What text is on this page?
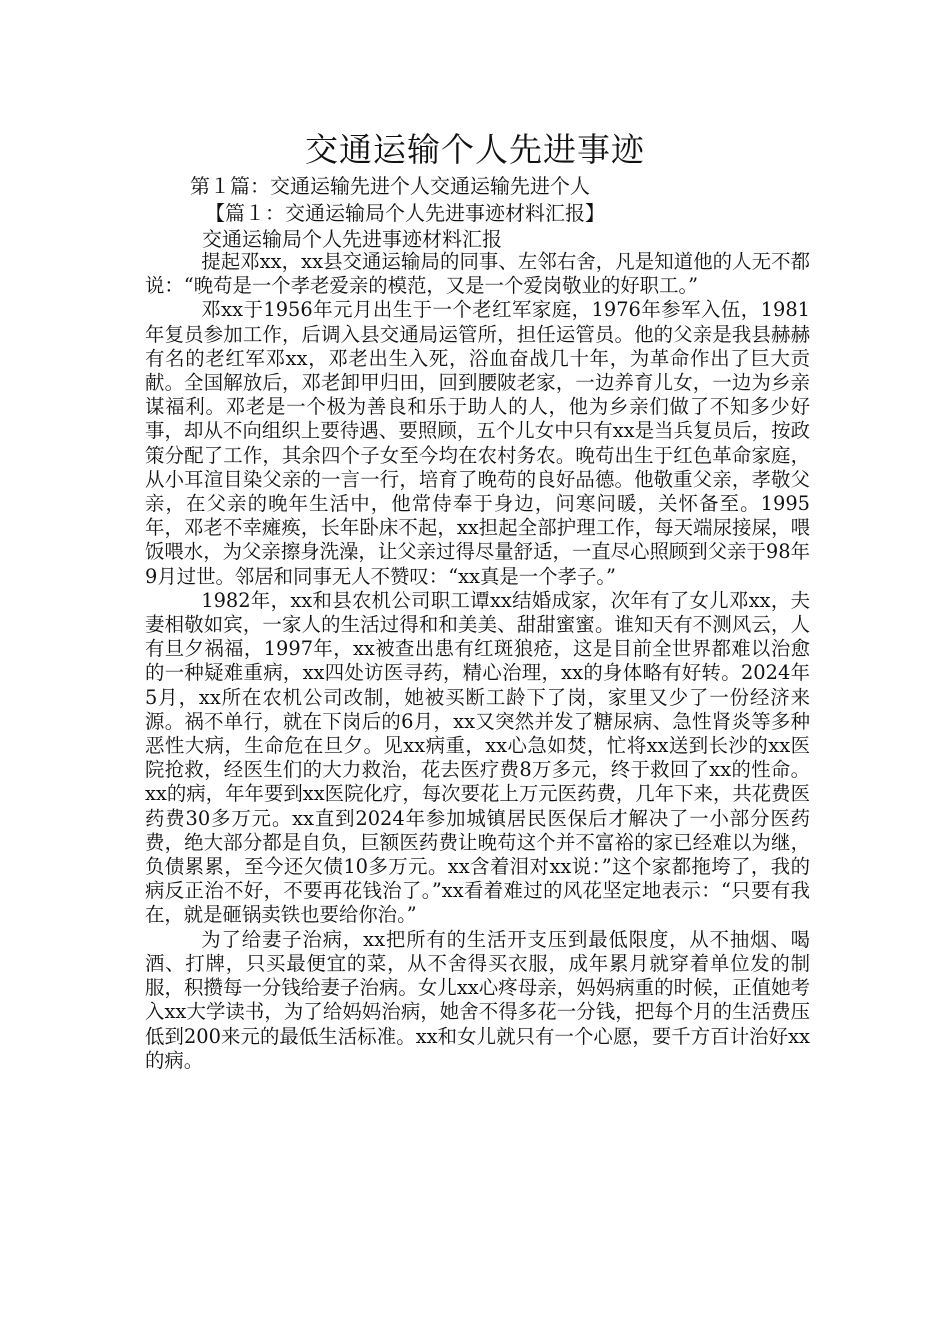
交通运输个人先进事迹
第１篇：交通运输先进个人交通运输先进个人
【篇１：交通运输局个人先进事迹材料汇报】
交通运输局个人先进事迹材料汇报

提起邓xx，xx县交通运输局的同事、左邻右舍，凡是知道他的人无不都说：“晚苟是一个孝老爱亲的模范，又是一个爱岗敬业的好职工。”

邓xx于1956年元月出生于一个老红军家庭，1976年参军入伍，1981年复员参加工作，后调入县交通局运管所，担任运管员。他的父亲是我县赫赫有名的老红军邓xx，邓老出生入死，浴血奋战几十年，为革命作出了巨大贡献。全国解放后，邓老卸甲归田，回到腰陂老家，一边养育儿女，一边为乡亲谋福利。邓老是一个极为善良和乐于助人的人，他为乡亲们做了不知多少好事，却从不向组织上要待遇、要照顾，五个儿女中只有xx是当兵复员后，按政策分配了工作，其余四个子女至今均在农村务农。晚苟出生于红色革命家庭，从小耳渲目染父亲的一言一行，培育了晚苟的良好品德。他敬重父亲，孝敬父亲，在父亲的晚年生活中，他常侍奉于身边，问寒问暖，关怀备至。1995年，邓老不幸瘫痪，长年卧床不起，xx担起全部护理工作，每天端尿接屎，喂饭喂水，为父亲擦身洗澡，让父亲过得尽量舒适，一直尽心照顾到父亲于98年9月过世。邻居和同事无人不赞叹：“xx真是一个孝子。”

1982年，xx和县农机公司职工谭xx结婚成家，次年有了女儿邓xx，夫妻相敬如宾，一家人的生活过得和和美美、甜甜蜜蜜。谁知天有不测风云，人有旦夕祸福，1997年，xx被查出患有红斑狼疮，这是目前全世界都难以治愈的一种疑难重病，xx四处访医寻药，精心治理，xx的身体略有好转。2024年5月，xx所在农机公司改制，她被买断工龄下了岗，家里又少了一份经济来源。祸不单行，就在下岗后的6月，xx又突然并发了糖尿病、急性肾炎等多种恶性大病，生命危在旦夕。见xx病重，xx心急如焚，忙将xx送到长沙的xx医院抢救，经医生们的大力救治，花去医疗费8万多元，终于救回了xx的性命。xx的病，年年要到xx医院化疗，每次要花上万元医药费，几年下来，共花费医药费30多万元。xx直到2024年参加城镇居民医保后才解决了一小部分医药费，绝大部分都是自负，巨额医药费让晚苟这个并不富裕的家已经难以为继，负债累累，至今还欠债10多万元。xx含着泪对xx说：”这个家都拖垮了，我的病反正治不好，不要再花钱治了。”xx看着难过的风花坚定地表示：“只要有我在，就是砸锅卖铁也要给你治。”

为了给妻子治病，xx把所有的生活开支压到最低限度，从不抽烟、喝酒、打牌，只买最便宜的菜，从不舍得买衣服，成年累月就穿着单位发的制服，积攒每一分钱给妻子治病。女儿xx心疼母亲，妈妈病重的时候，正值她考入xx大学读书，为了给妈妈治病，她舍不得多花一分钱，把每个月的生活费压低到200来元的最低生活标准。xx和女儿就只有一个心愿，要千方百计治好xx的病。
